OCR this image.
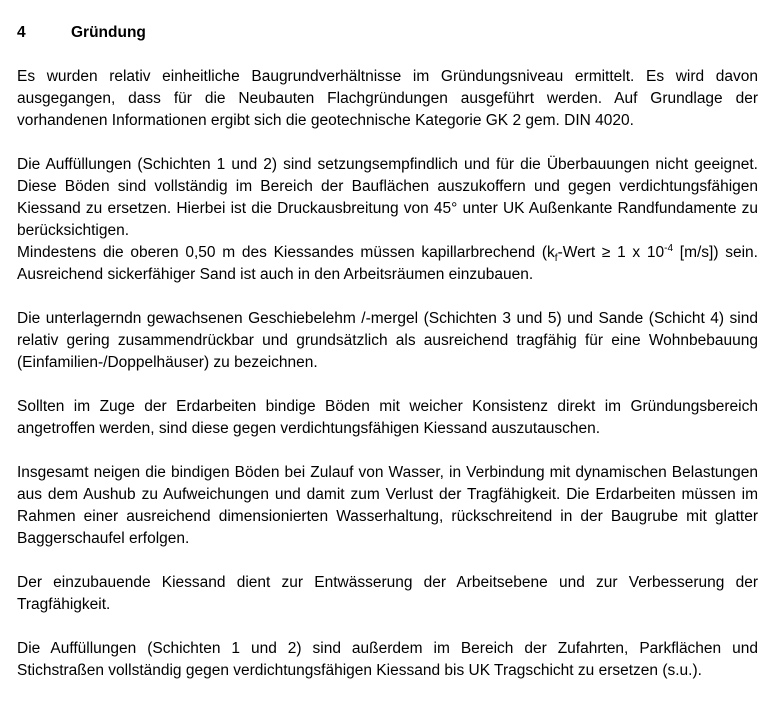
4	Gründung

Es wurden relativ einheitliche Baugrundverhältnisse im Gründungsniveau ermittelt. Es wird davon ausgegangen, dass für die Neubauten Flachgründungen ausgeführt werden. Auf Grundlage der vorhandenen Informationen ergibt sich die geotechnische Kategorie GK 2 gem. DIN 4020.

Die Auffüllungen (Schichten 1 und 2) sind setzungsempfindlich und für die Überbauungen nicht geeignet. Diese Böden sind vollständig im Bereich der Bauflächen auszukoffern und gegen verdichtungsfähigen Kiessand zu ersetzen. Hierbei ist die Druckausbreitung von 45° unter UK Außenkante Randfundamente zu berücksichtigen.

Mindestens die oberen 0,50 m des Kiessandes müssen kapillarbrechend ($k_f$-Wert ≥ 1 x $10^{-4}$ [m/s]) sein. Ausreichend sickerfähiger Sand ist auch in den Arbeitsräumen einzubauen.

Die unterlagerndn gewachsenen Geschiebelehm /-mergel (Schichten 3 und 5) und Sande (Schicht 4) sind relativ gering zusammendrückbar und grundsätzlich als ausreichend tragfähig für eine Wohnbebauung (Einfamilien-/Doppelhäuser) zu bezeichnen.

Sollten im Zuge der Erdarbeiten bindige Böden mit weicher Konsistenz direkt im Gründungsbereich angetroffen werden, sind diese gegen verdichtungsfähigen Kiessand auszutauschen.

Insgesamt neigen die bindigen Böden bei Zulauf von Wasser, in Verbindung mit dynamischen Belastungen aus dem Aushub zu Aufweichungen und damit zum Verlust der Tragfähigkeit. Die Erdarbeiten müssen im Rahmen einer ausreichend dimensionierten Wasserhaltung, rückschreitend in der Baugrube mit glatter Baggerschaufel erfolgen.

Der einzubauende Kiessand dient zur Entwässerung der Arbeitsebene und zur Verbesserung der Tragfähigkeit.

Die Auffüllungen (Schichten 1 und 2) sind außerdem im Bereich der Zufahrten, Parkflächen und Stichstraßen vollständig gegen verdichtungsfähigen Kiessand bis UK Tragschicht zu ersetzen (s.u.).
